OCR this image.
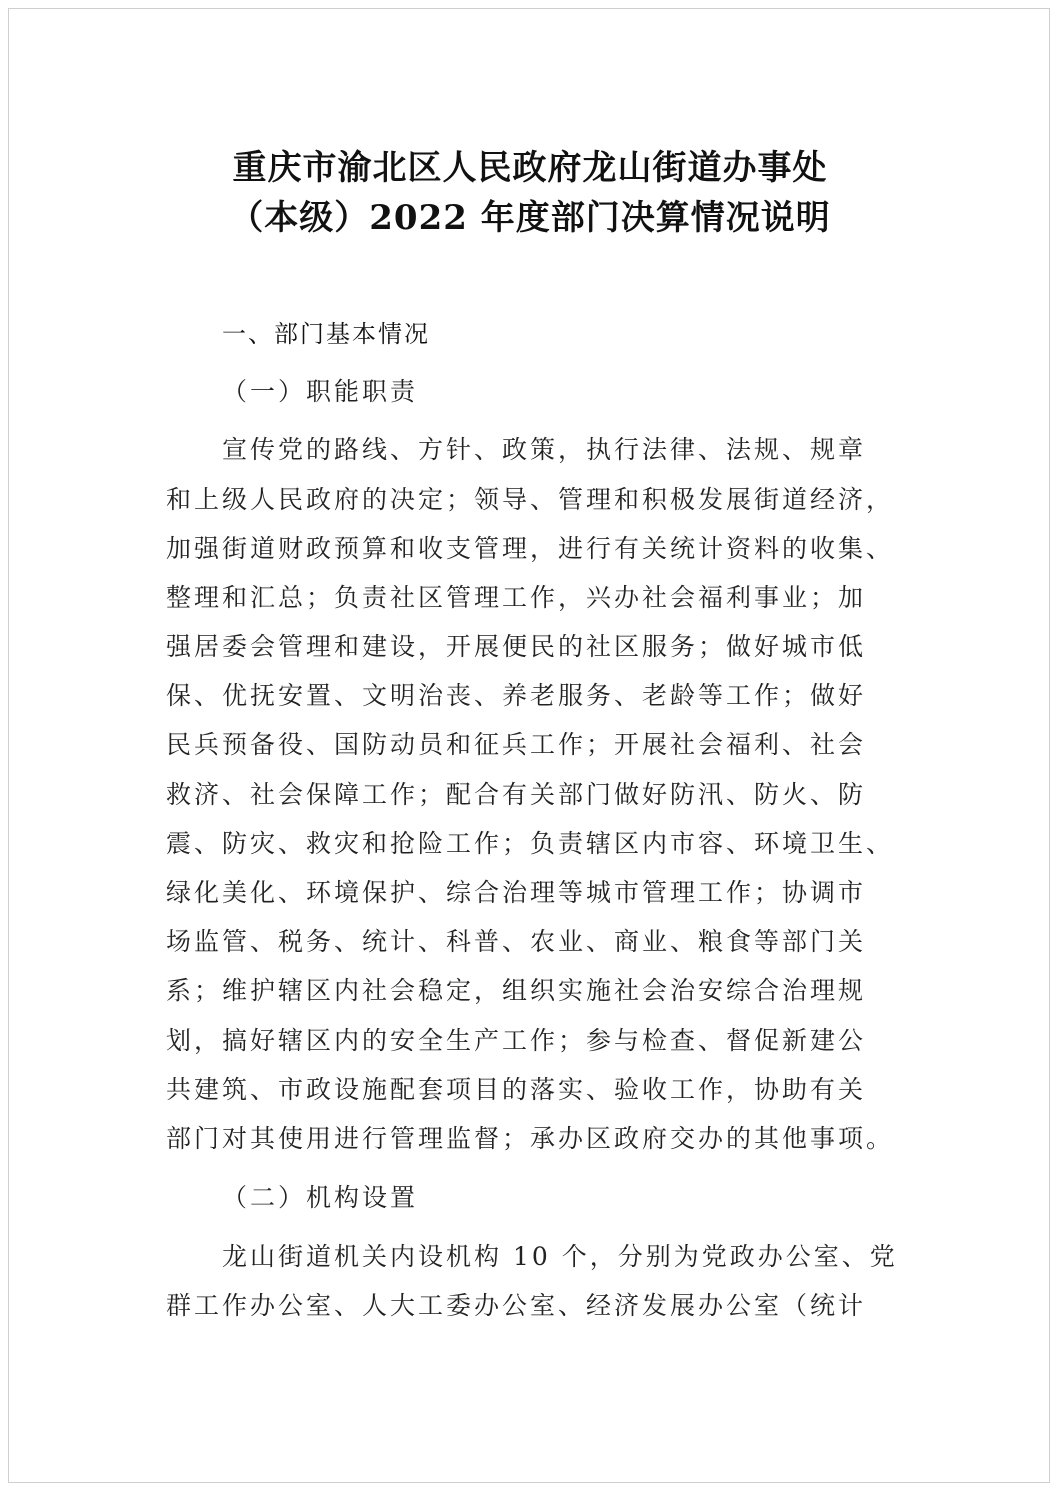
重庆市渝北区人民政府龙山街道办事处
（本级）2022 年度部门决算情况说明
一、部门基本情况
（一）职能职责
宣传党的路线、方针、政策，执行法律、法规、规章
和上级人民政府的决定；领导、管理和积极发展街道经济，
加强街道财政预算和收支管理，进行有关统计资料的收集、
整理和汇总；负责社区管理工作，兴办社会福利事业；加
强居委会管理和建设，开展便民的社区服务；做好城市低
保、优抚安置、文明治丧、养老服务、老龄等工作；做好
民兵预备役、国防动员和征兵工作；开展社会福利、社会
救济、社会保障工作；配合有关部门做好防汛、防火、防
震、防灾、救灾和抢险工作；负责辖区内市容、环境卫生、
绿化美化、环境保护、综合治理等城市管理工作；协调市
场监管、税务、统计、科普、农业、商业、粮食等部门关
系；维护辖区内社会稳定，组织实施社会治安综合治理规
划，搞好辖区内的安全生产工作；参与检查、督促新建公
共建筑、市政设施配套项目的落实、验收工作，协助有关
部门对其使用进行管理监督；承办区政府交办的其他事项。
（二）机构设置
龙山街道机关内设机构 10 个，分别为党政办公室、党
群工作办公室、人大工委办公室、经济发展办公室（统计
